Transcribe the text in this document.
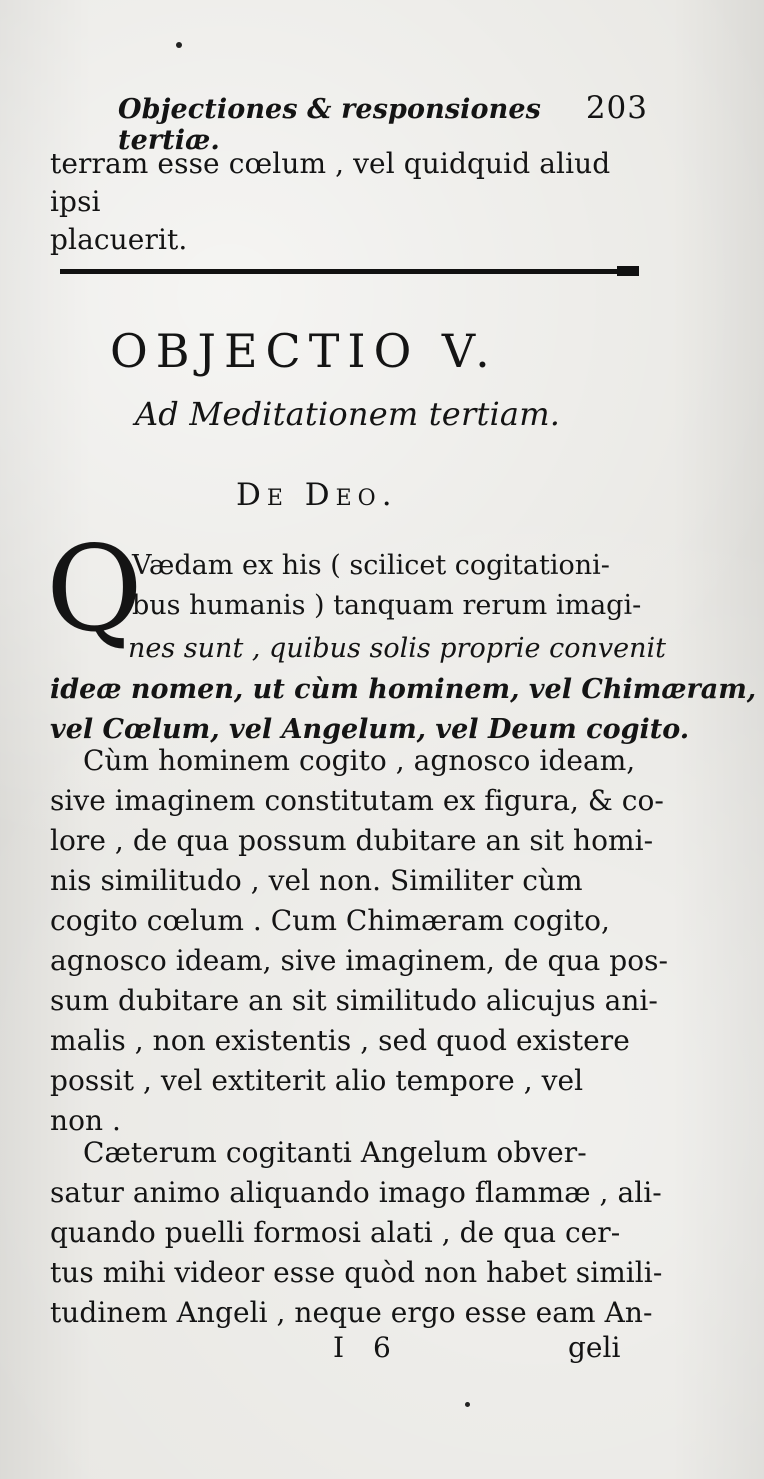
Objectiones & responsiones tertiæ.
203
terram esse cœlum , vel quidquid aliud ipsi
placuerit.
OBJECTIO V.
Ad Meditationem tertiam.
De Deo.
Q
Vædam ex his ( scilicet cogitationi-
bus humanis ) tanquam rerum imagi-
nes sunt , quibus solis proprie convenit
ideæ nomen, ut cùm hominem, vel Chimæram,
vel Cœlum, vel Angelum, vel Deum cogito.
Cùm hominem cogito , agnosco ideam,
sive imaginem constitutam ex figura, & co-
lore , de qua possum dubitare an sit homi-
nis similitudo , vel non. Similiter cùm
cogito cœlum . Cum Chimæram cogito,
agnosco ideam, sive imaginem, de qua pos-
sum dubitare an sit similitudo alicujus ani-
malis , non existentis , sed quod existere
possit , vel extiterit alio tempore , vel
non .
Cæterum cogitanti Angelum obver-
satur animo aliquando imago flammæ , ali-
quando puelli formosi alati , de qua cer-
tus mihi videor esse quòd non habet simili-
tudinem Angeli , neque ergo esse eam An-
I 6	geli
